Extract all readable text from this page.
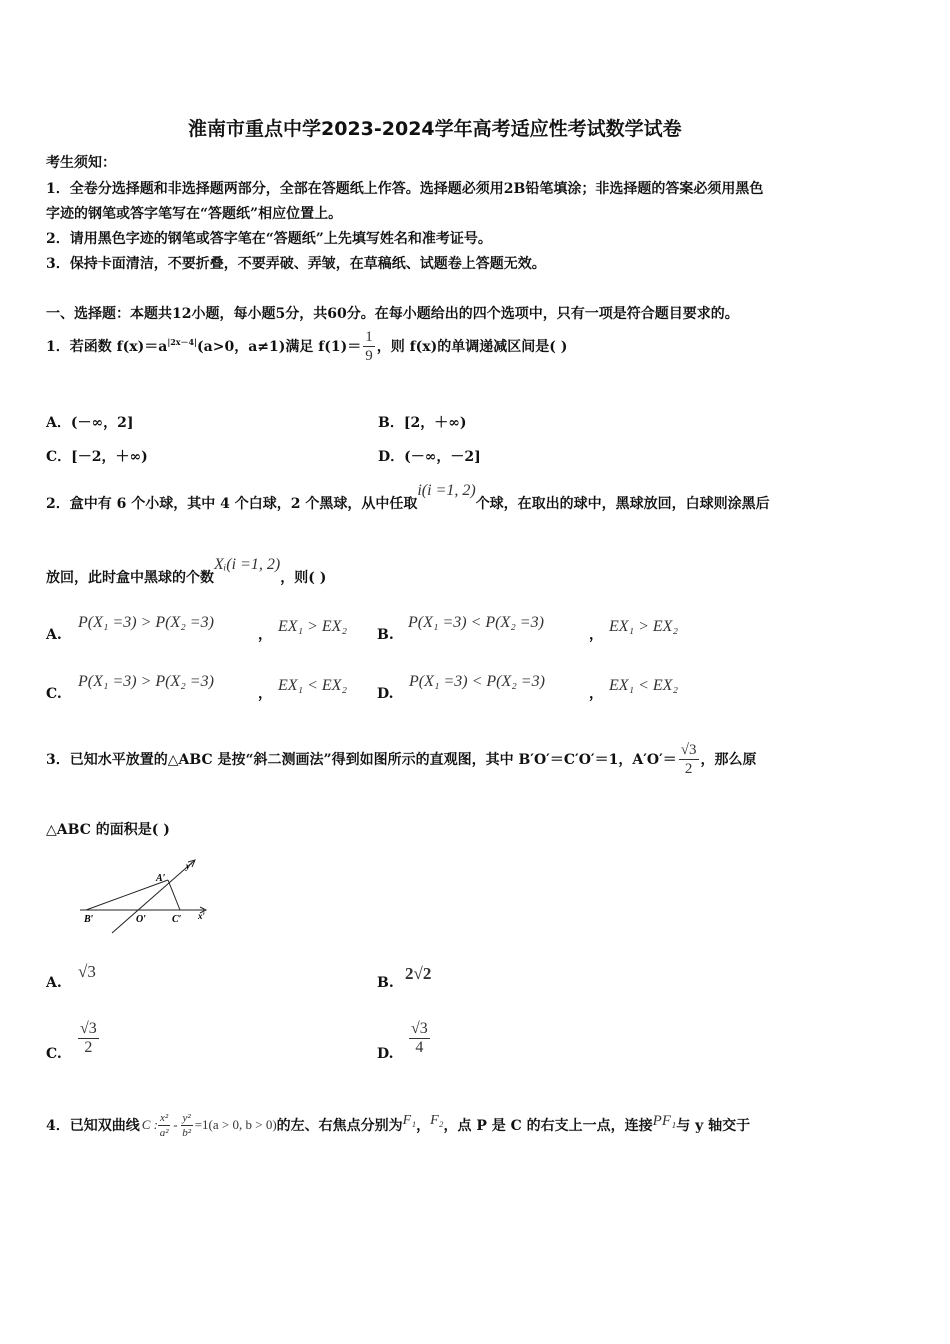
淮南市重点中学2023-2024学年高考适应性考试数学试卷
考生须知：
1．全卷分选择题和非选择题两部分，全部在答题纸上作答。选择题必须用2B铅笔填涂；非选择题的答案必须用黑色
字迹的钢笔或答字笔写在“答题纸”相应位置上。
2．请用黑色字迹的钢笔或答字笔在“答题纸”上先填写姓名和准考证号。
3．保持卡面清洁，不要折叠，不要弄破、弄皱，在草稿纸、试题卷上答题无效。
一、选择题：本题共12小题，每小题5分，共60分。在每小题给出的四个选项中，只有一项是符合题目要求的。
1．若函数 $f(x)=a^{|2x-4|}$ (a>0，a≠1)满足 $f(1)= \frac{1}{9}$ ，则 f(x)的单调递减区间是( )
A．(－∞，2]	B．[2，＋∞)
C．[－2，＋∞)	D．(－∞，－2]
2．盒中有 6 个小球，其中 4 个白球，2 个黑球，从中任取
i(i =1, 2)
个球，在取出的球中，黑球放回，白球则涂黑后
放回，此时盒中黑球的个数
Xᵢ(i =1, 2)
，则( )
A.
P(X₁ =3) > P(X₂ =3)
， EX₁ > EX₂ B.
P(X₁ =3) < P(X₂ =3)
， EX₁ > EX₂
C.
P(X₁ =3) > P(X₂ =3)
， EX₁ < EX₂ D.
P(X₁ =3) < P(X₂ =3)
， EX₁ < EX₂
3．已知水平放置的△ABC 是按“斜二测画法”得到如图所示的直观图，其中 B′O′＝C′O′＝1，$A'O'= \frac{√3}{2}$ ，那么原
△ABC 的面积是( )
A′
B′	O′	C′ x′
y′
A.
√3
B. 2√2
C. $\frac{√3}{2}$	D. $\frac{√3}{4}$
4．已知双曲线 C : $\frac{\text{x²}}{\text{a²}} - \frac{\text{y²}}{\text{b²}} =1(a > 0$, b > 0) 的左、右焦点分别为 F₁ ， F₂ ，点 P 是 C 的右支上一点，连接 PF₁ 与 y 轴交于
